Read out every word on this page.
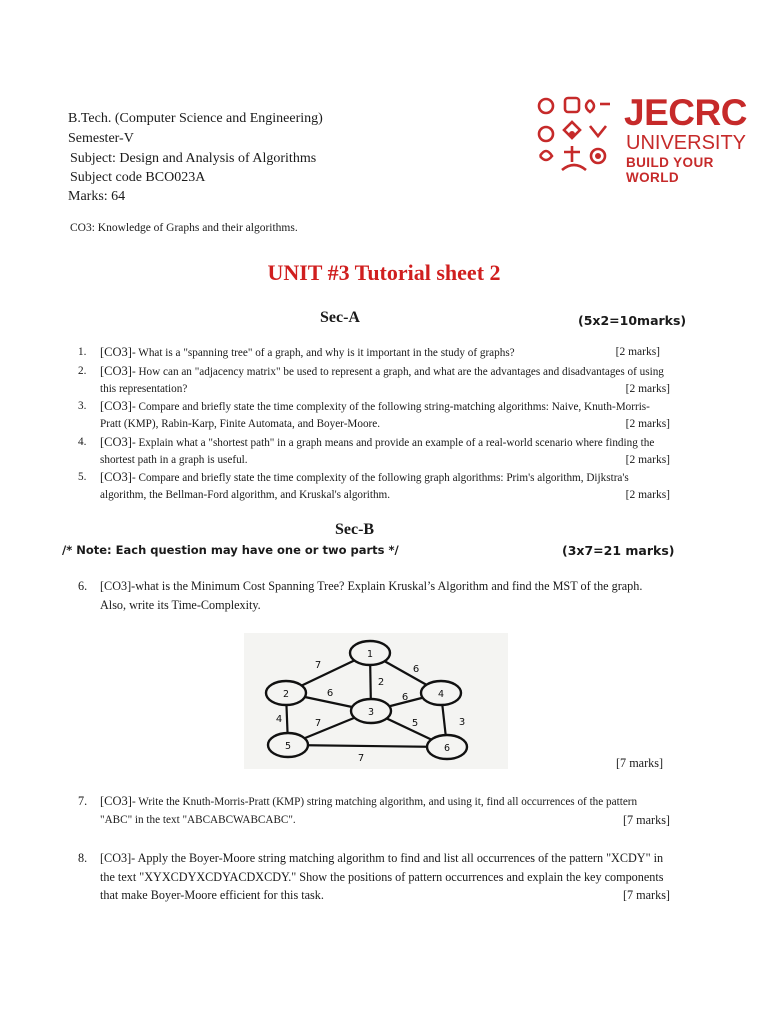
B.Tech. (Computer Science and Engineering)
Semester-V
Subject: Design and Analysis of Algorithms
Subject code BCO023A
Marks: 64
CO3: Knowledge of Graphs and their algorithms.
JECRC
UNIVERSITY
BUILD YOUR WORLD
UNIT #3 Tutorial sheet 2
Sec-A	(5x2=10marks)
1. [CO3]- What is a "spanning tree" of a graph, and why is it important in the study of graphs?	[2 marks]
2. [CO3]- How can an "adjacency matrix" be used to represent a graph, and what are the advantages and disadvantages of using this representation?	[2 marks]
3. [CO3]- Compare and briefly state the time complexity of the following string-matching algorithms: Naive, Knuth-Morris-Pratt (KMP), Rabin-Karp, Finite Automata, and Boyer-Moore.	[2 marks]
4. [CO3]- Explain what a "shortest path" in a graph means and provide an example of a real-world scenario where finding the shortest path in a graph is useful.	[2 marks]
5. [CO3]- Compare and briefly state the time complexity of the following graph algorithms: Prim's algorithm, Dijkstra's algorithm, the Bellman-Ford algorithm, and Kruskal's algorithm.	[2 marks]
Sec-B
/* Note: Each question may have one or two parts */	(3x7=21 marks)
6. [CO3]-what is the Minimum Cost Spanning Tree? Explain Kruskal’s Algorithm and find the MST of the graph. Also, write its Time-Complexity.
1
2
3
4
5	6
7
2
6
6
4
6
7	5	3
7	[7 marks]
7. [CO3]- Write the Knuth-Morris-Pratt (KMP) string matching algorithm, and using it, find all occurrences of the pattern "ABC" in the text "ABCABCWABCABC".	[7 marks]
8. [CO3]- Apply the Boyer-Moore string matching algorithm to find and list all occurrences of the pattern "XCDY" in the text "XYXCDYXCDYACDXCDY." Show the positions of pattern occurrences and explain the key components that make Boyer-Moore efficient for this task.	[7 marks]
